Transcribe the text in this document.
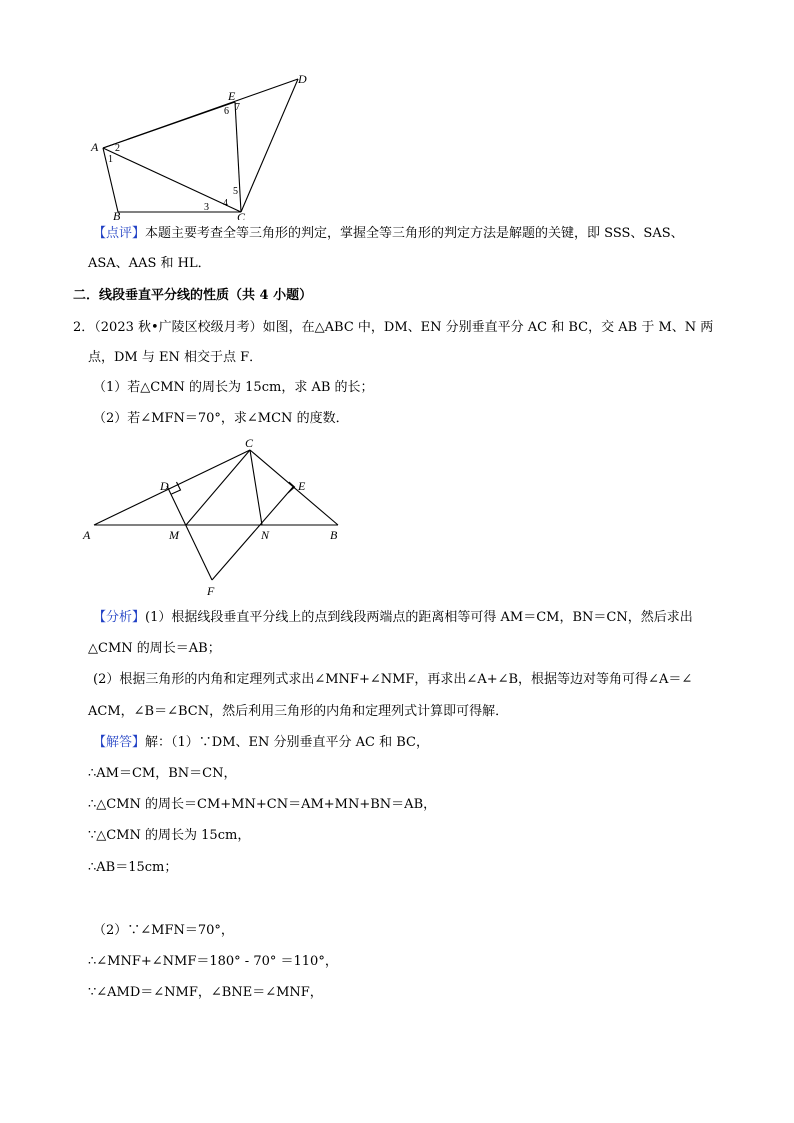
A
B	C
D
E
1
2
3 4
5
6 7
【点评】本题主要考查全等三角形的判定，掌握全等三角形的判定方法是解题的关键，即 SSS、SAS、
ASA、AAS 和 HL．
二．线段垂直平分线的性质（共 4 小题）
2．（2023 秋•广陵区校级月考）如图，在△ABC 中，DM、EN 分别垂直平分 AC 和 BC，交 AB 于 M、N 两
点，DM 与 EN 相交于点 F．
（1）若△CMN 的周长为 15cm，求 AB 的长；
（2）若∠MFN＝70°，求∠MCN 的度数．
A	B
C
D	E
M	N
F
【分析】(1）根据线段垂直平分线上的点到线段两端点的距离相等可得 AM＝CM，BN＝CN，然后求出
△CMN 的周长＝AB；
(2）根据三角形的内角和定理列式求出∠MNF+∠NMF，再求出∠A+∠B，根据等边对等角可得∠A＝∠
ACM，∠B＝∠BCN，然后利用三角形的内角和定理列式计算即可得解．
【解答】解：（1）∵DM、EN 分别垂直平分 AC 和 BC，
∴AM＝CM，BN＝CN，
∴△CMN 的周长＝CM+MN+CN＝AM+MN+BN＝AB，
∵△CMN 的周长为 15cm，
∴AB＝15cm；
（2）∵∠MFN＝70°，
∴∠MNF+∠NMF＝180° - 70° ＝110°，
∵∠AMD＝∠NMF，∠BNE＝∠MNF，
